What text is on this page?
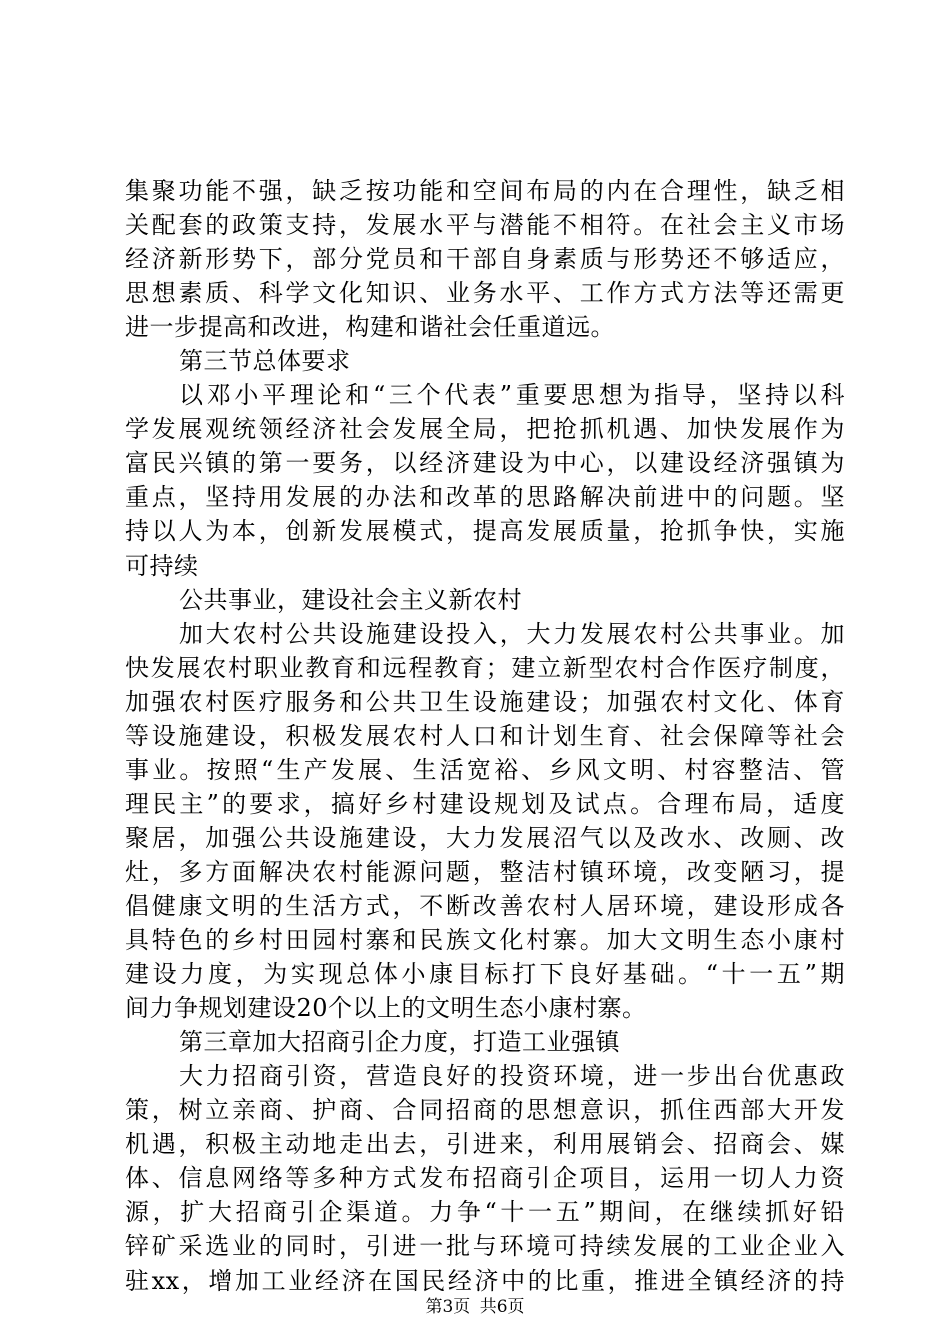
集聚功能不强，缺乏按功能和空间布局的内在合理性，缺乏相
关配套的政策支持，发展水平与潜能不相符。在社会主义市场
经济新形势下，部分党员和干部自身素质与形势还不够适应，
思想素质、科学文化知识、业务水平、工作方式方法等还需更
进一步提高和改进，构建和谐社会任重道远。
第三节总体要求
以邓小平理论和“三个代表”重要思想为指导，坚持以科
学发展观统领经济社会发展全局，把抢抓机遇、加快发展作为
富民兴镇的第一要务，以经济建设为中心，以建设经济强镇为
重点，坚持用发展的办法和改革的思路解决前进中的问题。坚
持以人为本，创新发展模式，提高发展质量，抢抓争快，实施
可持续
公共事业，建设社会主义新农村
加大农村公共设施建设投入，大力发展农村公共事业。加
快发展农村职业教育和远程教育；建立新型农村合作医疗制度，
加强农村医疗服务和公共卫生设施建设；加强农村文化、体育
等设施建设，积极发展农村人口和计划生育、社会保障等社会
事业。按照“生产发展、生活宽裕、乡风文明、村容整洁、管
理民主”的要求，搞好乡村建设规划及试点。合理布局，适度
聚居，加强公共设施建设，大力发展沼气以及改水、改厕、改
灶，多方面解决农村能源问题，整洁村镇环境，改变陋习，提
倡健康文明的生活方式，不断改善农村人居环境，建设形成各
具特色的乡村田园村寨和民族文化村寨。加大文明生态小康村
建设力度，为实现总体小康目标打下良好基础。“十一五”期
间力争规划建设20个以上的文明生态小康村寨。
第三章加大招商引企力度，打造工业强镇
大力招商引资，营造良好的投资环境，进一步出台优惠政
策，树立亲商、护商、合同招商的思想意识，抓住西部大开发
机遇，积极主动地走出去，引进来，利用展销会、招商会、媒
体、信息网络等多种方式发布招商引企项目，运用一切人力资
源，扩大招商引企渠道。力争“十一五”期间，在继续抓好铅
锌矿采选业的同时，引进一批与环境可持续发展的工业企业入
驻xx，增加工业经济在国民经济中的比重，推进全镇经济的持
第3页 共6页
